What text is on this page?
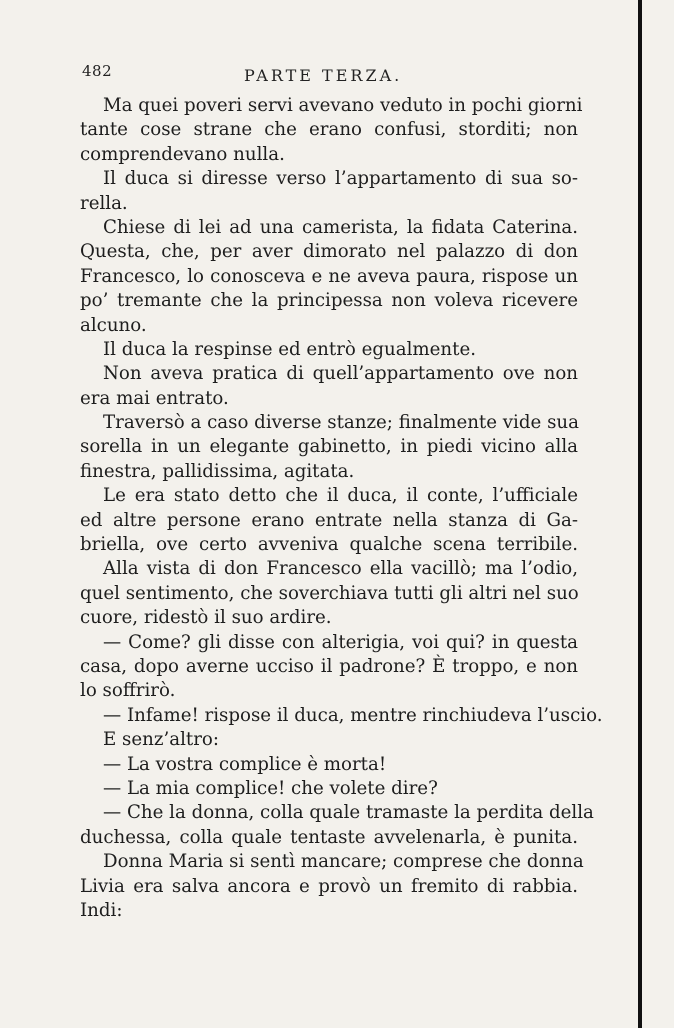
482	PARTE TERZA.
Ma quei poveri servi avevano veduto in pochi giorni
tante cose strane che erano confusi, storditi; non
comprendevano nulla.
Il duca si diresse verso l’appartamento di sua so-
rella.
Chiese di lei ad una camerista, la fidata Caterina.
Questa, che, per aver dimorato nel palazzo di don
Francesco, lo conosceva e ne aveva paura, rispose un
po’ tremante che la principessa non voleva ricevere
alcuno.
Il duca la respinse ed entrò egualmente.
Non aveva pratica di quell’appartamento ove non
era mai entrato.
Traversò a caso diverse stanze; finalmente vide sua
sorella in un elegante gabinetto, in piedi vicino alla
finestra, pallidissima, agitata.
Le era stato detto che il duca, il conte, l’ufficiale
ed altre persone erano entrate nella stanza di Ga-
briella, ove certo avveniva qualche scena terribile.
Alla vista di don Francesco ella vacillò; ma l’odio,
quel sentimento, che soverchiava tutti gli altri nel suo
cuore, ridestò il suo ardire.
— Come? gli disse con alterigia, voi qui? in questa
casa, dopo averne ucciso il padrone? È troppo, e non
lo soffrirò.
— Infame! rispose il duca, mentre rinchiudeva l’uscio.
E senz’altro:
— La vostra complice è morta!
— La mia complice! che volete dire?
— Che la donna, colla quale tramaste la perdita della
duchessa, colla quale tentaste avvelenarla, è punita.
Donna Maria si sentì mancare; comprese che donna
Livia era salva ancora e provò un fremito di rabbia.
Indi:
